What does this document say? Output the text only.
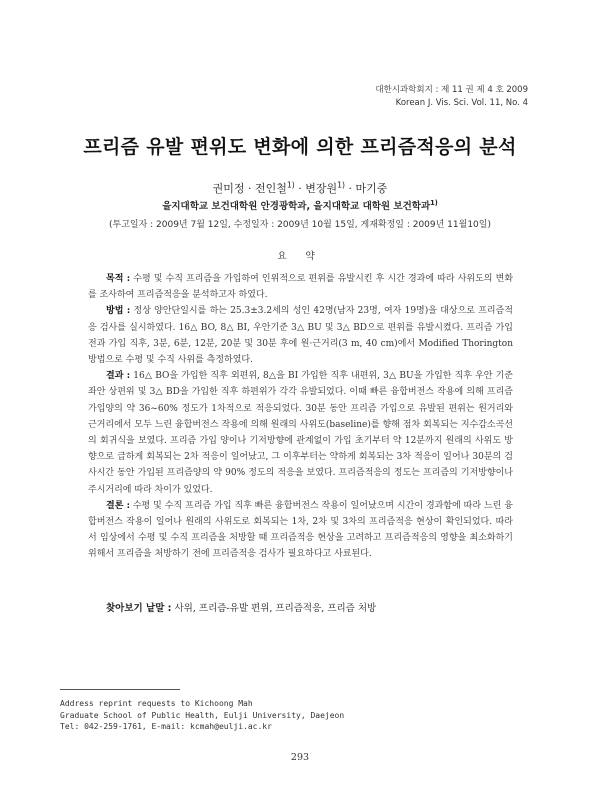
대한시과학회지 : 제 11 권 제 4 호 2009
Korean J. Vis. Sci. Vol. 11, No. 4
프리즘 유발 편위도 변화에 의한 프리즘적응의 분석
권미정 · 전인철$^{1)}$ · 변장원$^{1)}$ · 마기중
을지대학교 보건대학원 안경광학과, 을지대학교 대학원 보건학과$^{1)}$
(투고일자 : 2009년 7월 12일, 수정일자 : 2009년 10월 15일, 게재확정일 : 2009년 11월10일)
요 약

목적 : 수평 및 수직 프리즘을 가입하여 인위적으로 편위를 유발시킨 후 시간 경과에 따라 사위도의 변화를 조사하여 프리즘적응을 분석하고자 하였다.

방법 : 정상 양안단일시를 하는 25.3±3.2세의 성인 42명(남자 23명, 여자 19명)을 대상으로 프리즘적응 검사를 실시하였다. 16△ BO, 8△ BI, 우안기준 3△ BU 및 3△ BD으로 편위를 유발시켰다. 프리즘 가입 전과 가입 직후, 3분, 6분, 12분, 20분 및 30분 후에 원·근거리(3 m, 40 cm)에서 Modified Thorington 방법으로 수평 및 수직 사위를 측정하였다.

결과 : 16△ BO을 가입한 직후 외편위, 8△을 BI 가입한 직후 내편위, 3△ BU을 가입한 직후 우안 기준 좌안 상편위 및 3△ BD을 가입한 직후 하편위가 각각 유발되었다. 이때 빠른 융합버전스 작용에 의해 프리즘 가입양의 약 36~60% 정도가 1차적으로 적응되었다. 30분 동안 프리즘 가입으로 유발된 편위는 원거리와 근거리에서 모두 느린 융합버전스 작용에 의해 원래의 사위도(baseline)를 향해 점차 회복되는 지수감소곡선의 회귀식을 보였다. 프리즘 가입 양이나 기저방향에 관계없이 가입 초기부터 약 12분까지 원래의 사위도 방향으로 급하게 회복되는 2차 적응이 일어났고, 그 이후부터는 약하게 회복되는 3차 적응이 일어나 30분의 검사시간 동안 가입된 프리즘양의 약 90% 정도의 적응을 보였다. 프리즘적응의 정도는 프리즘의 기저방향이나 주시거리에 따라 차이가 있었다.

결론 : 수평 및 수직 프리즘 가입 직후 빠른 융합버전스 작용이 일어났으며 시간이 경과함에 따라 느린 융합버전스 작용이 일어나 원래의 사위도로 회복되는 1차, 2차 및 3차의 프리즘적응 현상이 확인되었다. 따라서 임상에서 수평 및 수직 프리즘을 처방할 때 프리즘적응 현상을 고려하고 프리즘적응의 영향을 최소화하기 위해서 프리즘을 처방하기 전에 프리즘적응 검사가 필요하다고 사료된다.

찾아보기 낱말 : 사위, 프리즘-유발 편위, 프리즘적응, 프리즘 처방
Address reprint requests to Kichoong Mah
Graduate School of Public Health, Eulji University, Daejeon
Tel: 042-259-1761, E-mail: kcmah@eulji.ac.kr
293
